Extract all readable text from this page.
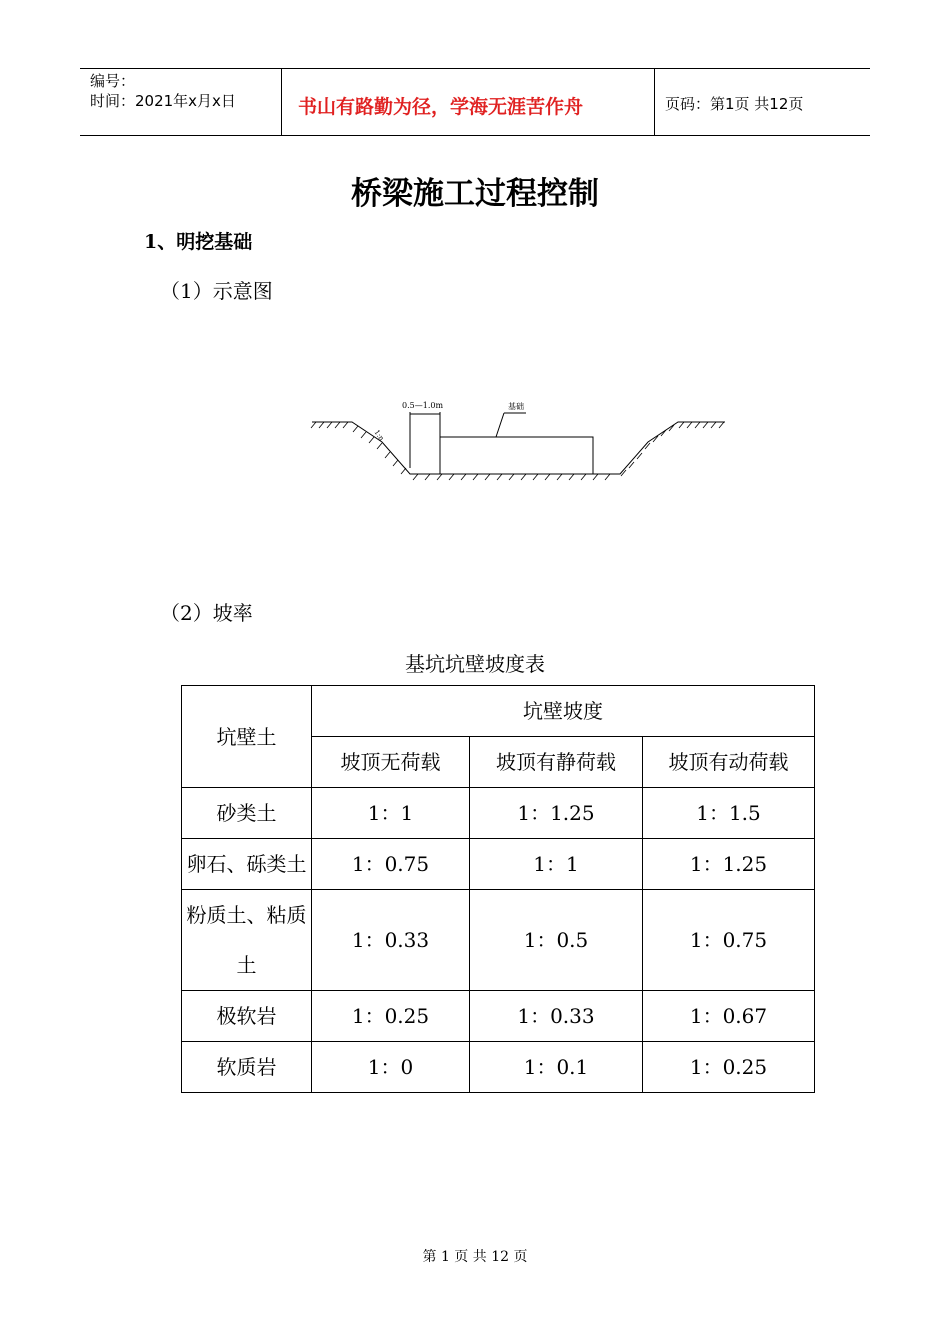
编号：
时间：2021年x月x日	书山有路勤为径，学海无涯苦作舟	页码：第1页 共12页
桥梁施工过程控制
1、明挖基础
（1）示意图
0.5—1.0m	基础
1:n
（2）坡率
基坑坑壁坡度表
坑壁土	坑壁坡度		
	坡顶无荷载	坡顶有静荷载	坡顶有动荷载
砂类土	1：1	1：1.25	1：1.5
卵石、砾类土	1：0.75	1：1	1：1.25
粉质土、粘质土	1：0.33	1：0.5	1：0.75
极软岩	1：0.25	1：0.33	1：0.67
软质岩	1：0	1：0.1	1：0.25
第 1 页 共 12 页
